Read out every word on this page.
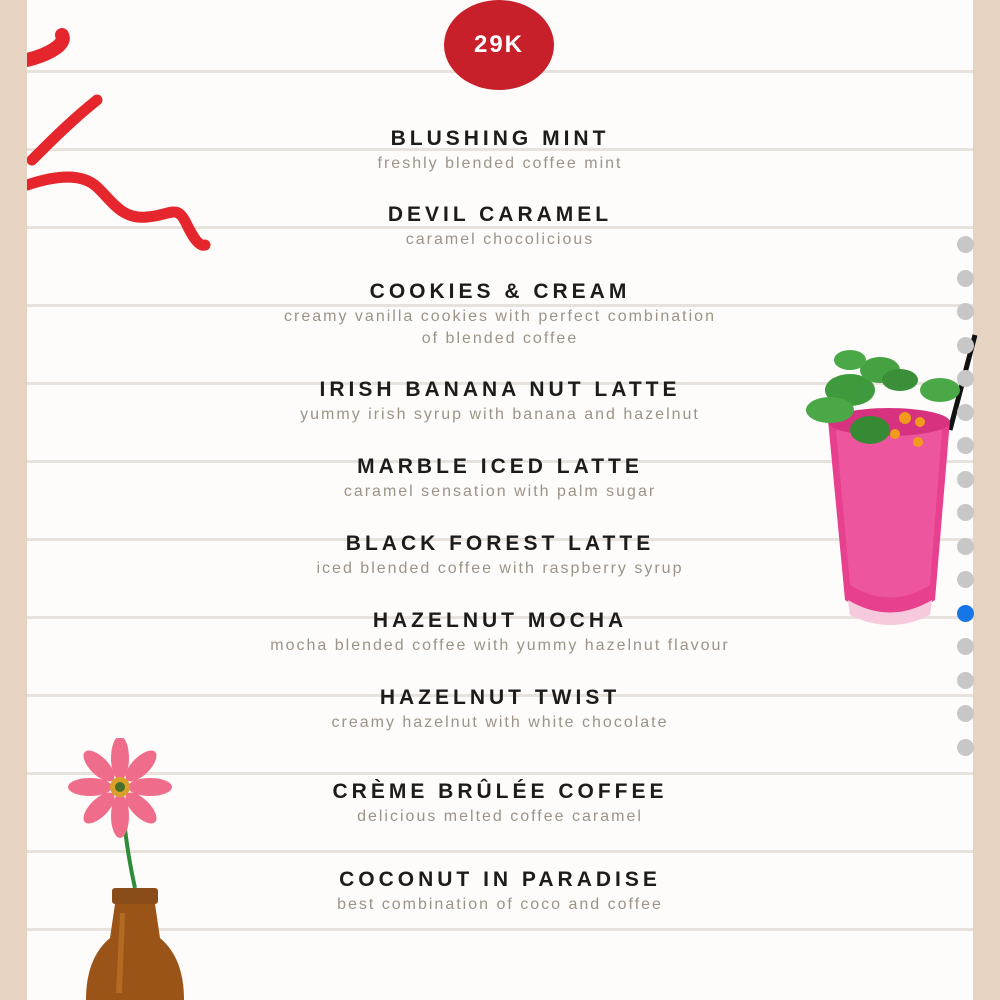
29K
BLUSHING MINT
freshly blended coffee mint
DEVIL CARAMEL
caramel chocolicious
COOKIES & CREAM
creamy vanilla cookies with perfect combination
of blended coffee
IRISH BANANA NUT LATTE
yummy irish syrup with banana and hazelnut
MARBLE ICED LATTE
caramel sensation with palm sugar
BLACK FOREST LATTE
iced blended coffee with raspberry syrup
HAZELNUT MOCHA
mocha blended coffee with yummy hazelnut flavour
HAZELNUT TWIST
creamy hazelnut with white chocolate
CRÈME BRÛLÉE COFFEE
delicious melted coffee caramel
COCONUT IN PARADISE
best combination of coco and coffee
